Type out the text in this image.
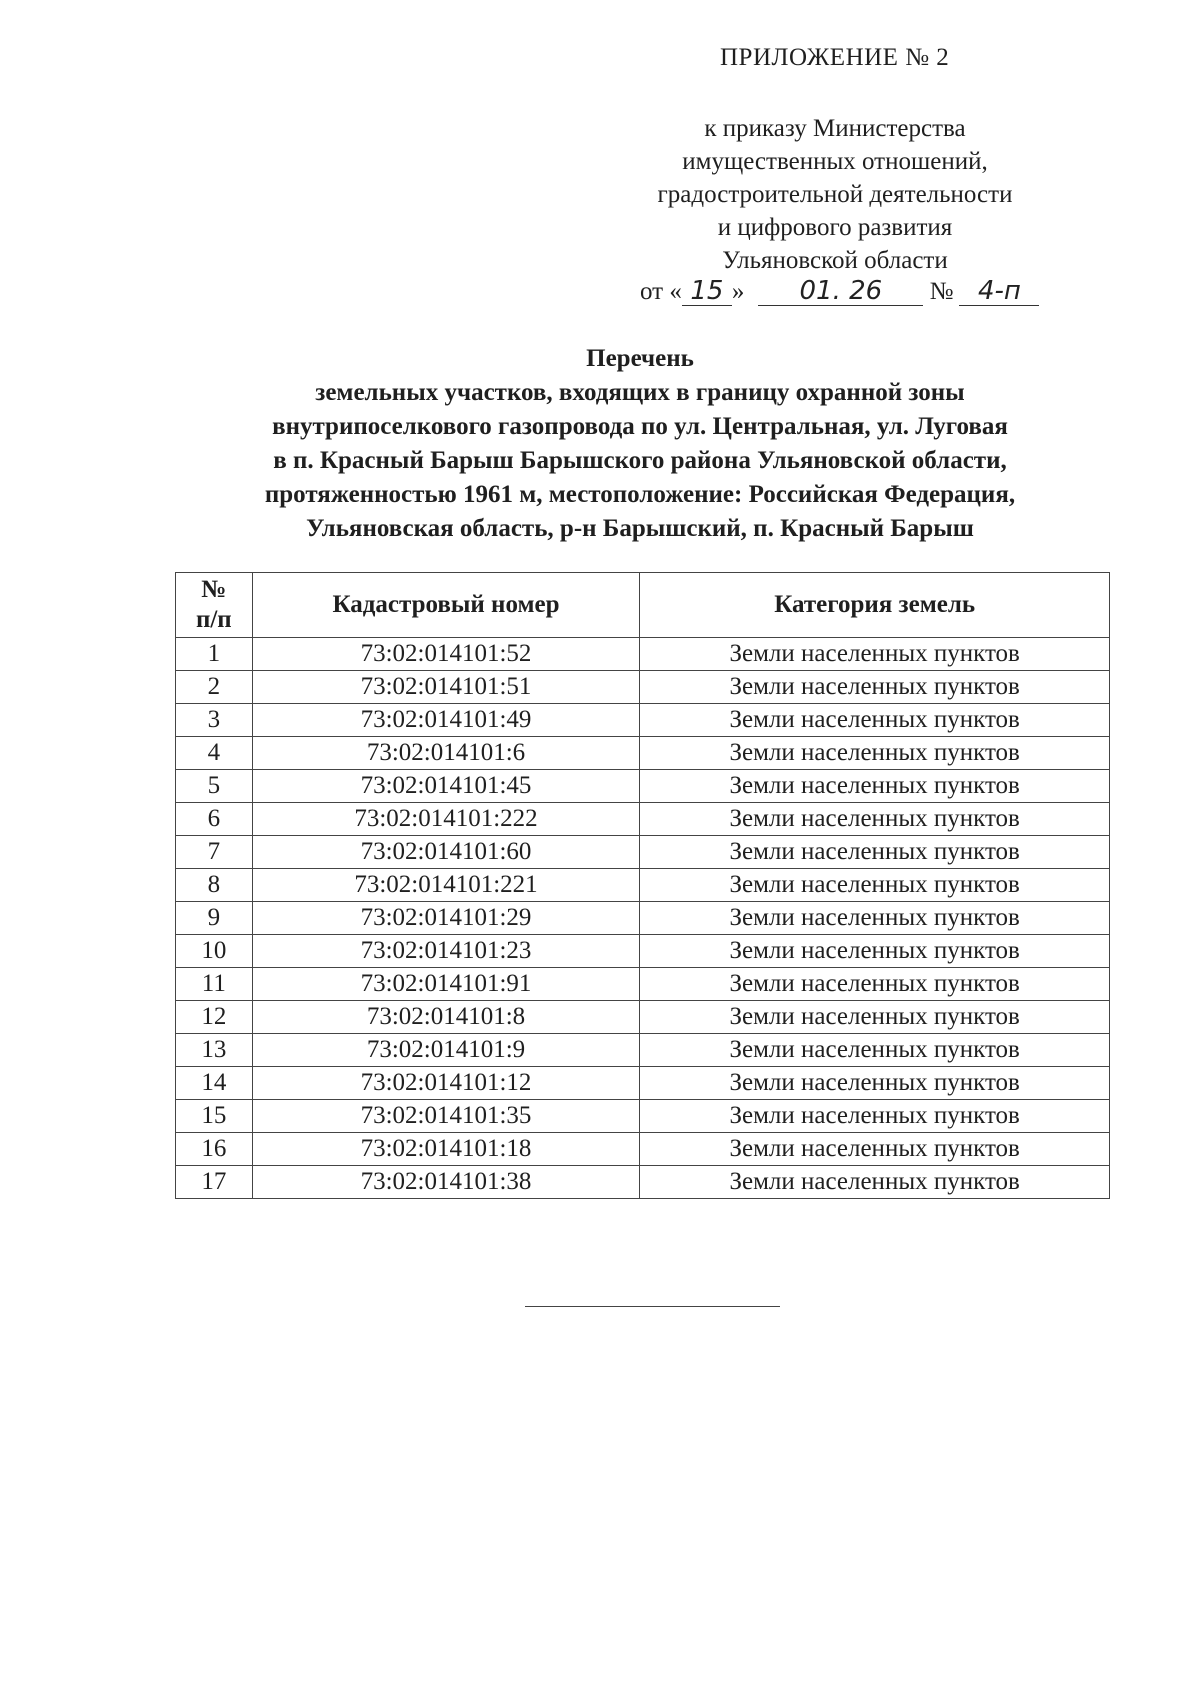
ПРИЛОЖЕНИЕ № 2
к приказу Министерства
имущественных отношений,
градостроительной деятельности
и цифрового развития
Ульяновской области
от « 15 » 01. 26 № 4-п
Перечень
земельных участков, входящих в границу охранной зоны
внутрипоселкового газопровода по ул. Центральная, ул. Луговая
в п. Красный Барыш Барышского района Ульяновской области,
протяженностью 1961 м, местоположение: Российская Федерация,
Ульяновская область, р-н Барышский, п. Красный Барыш
№
п/п	Кадастровый номер	Категория земель
1	73:02:014101:52	Земли населенных пунктов
2	73:02:014101:51	Земли населенных пунктов
3	73:02:014101:49	Земли населенных пунктов
4	73:02:014101:6	Земли населенных пунктов
5	73:02:014101:45	Земли населенных пунктов
6	73:02:014101:222	Земли населенных пунктов
7	73:02:014101:60	Земли населенных пунктов
8	73:02:014101:221	Земли населенных пунктов
9	73:02:014101:29	Земли населенных пунктов
10	73:02:014101:23	Земли населенных пунктов
11	73:02:014101:91	Земли населенных пунктов
12	73:02:014101:8	Земли населенных пунктов
13	73:02:014101:9	Земли населенных пунктов
14	73:02:014101:12	Земли населенных пунктов
15	73:02:014101:35	Земли населенных пунктов
16	73:02:014101:18	Земли населенных пунктов
17	73:02:014101:38	Земли населенных пунктов
